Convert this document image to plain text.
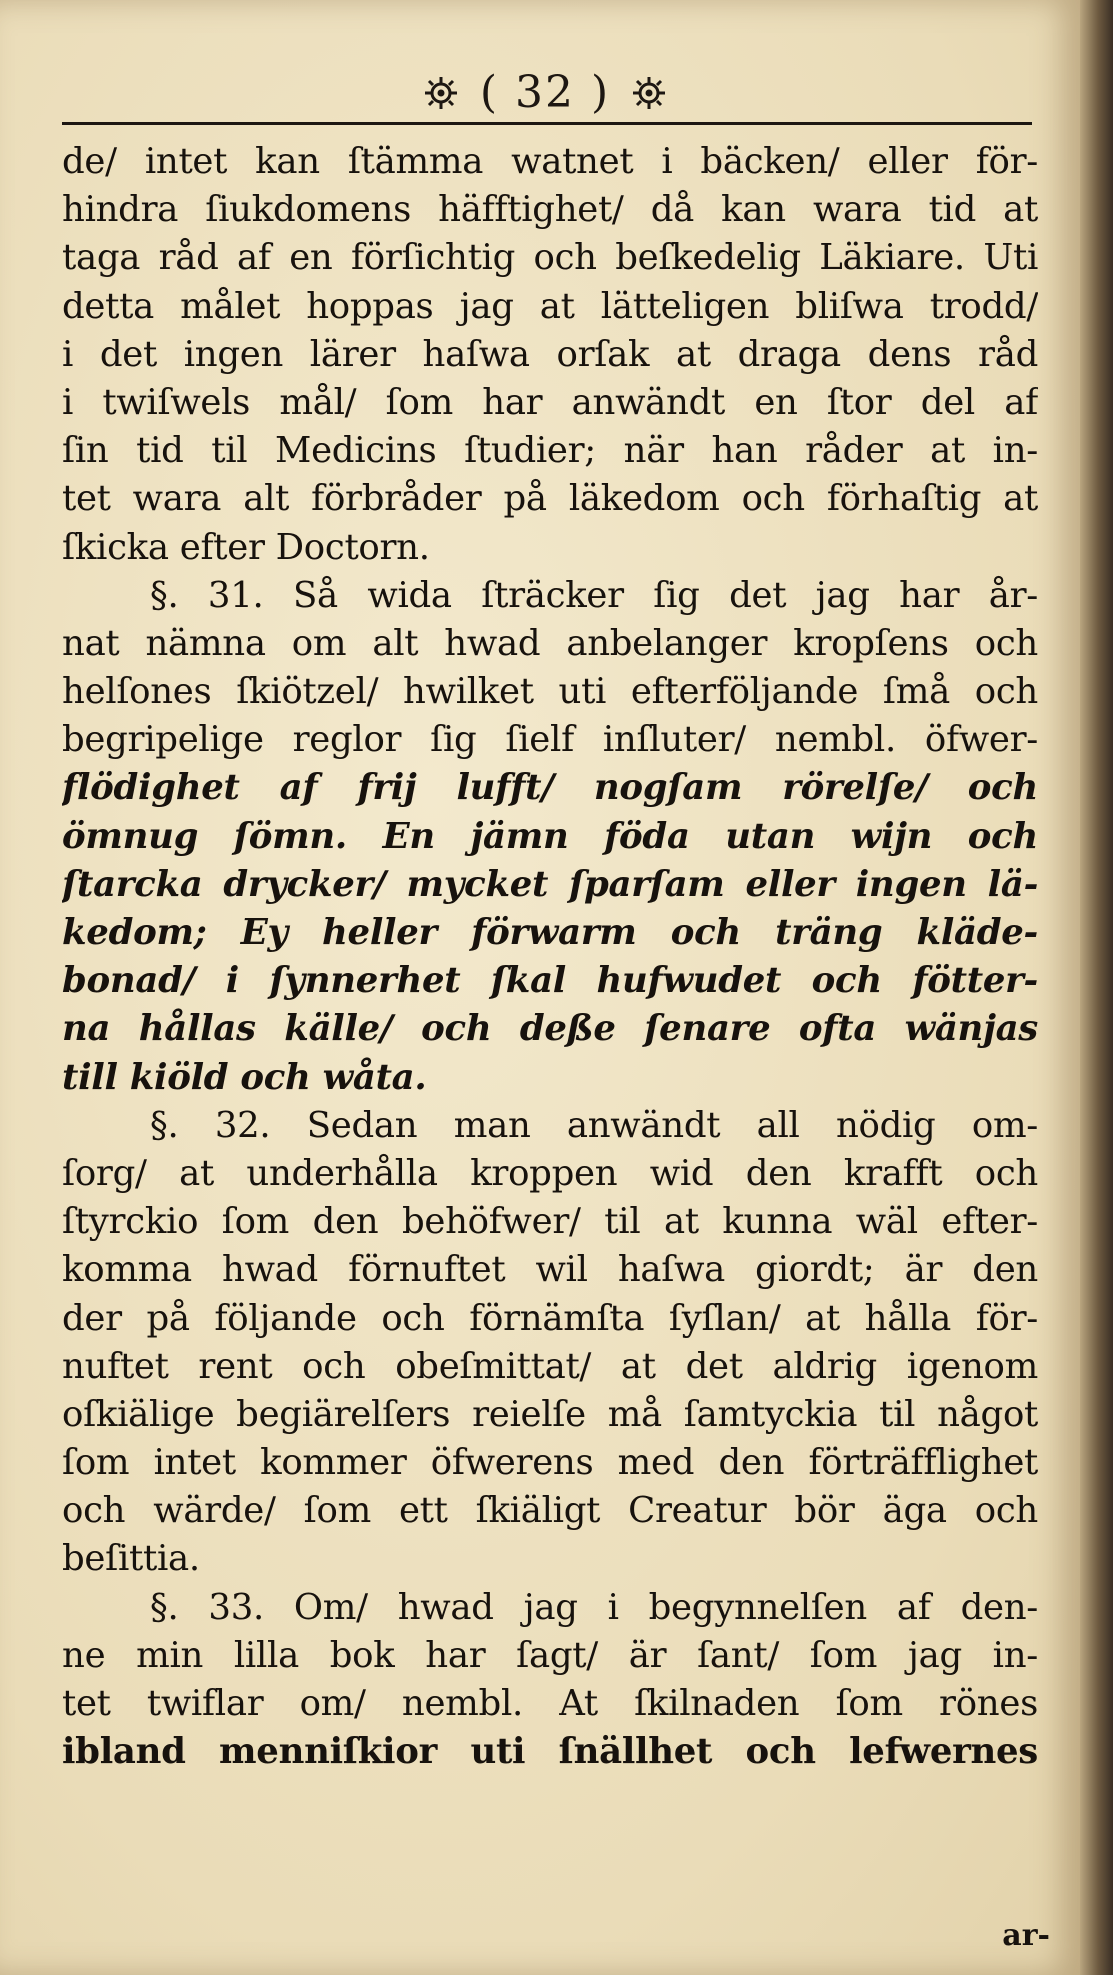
( 32 )
de/ intet kan ſtämma watnet i bäcken/ eller för-
hindra ſiukdomens häfftighet/ då kan wara tid at
taga råd af en förſichtig och beſkedelig Läkiare. Uti
detta målet hoppas jag at lätteligen bliſwa trodd/
i det ingen lärer haſwa orſak at draga dens råd
i twiſwels mål/ ſom har anwändt en ſtor del af
ſin tid til Medicins ſtudier; när han råder at in-
tet wara alt förbråder på läkedom och förhaſtig at
ſkicka efter Doctorn.
§. 31. Så wida ſträcker ſig det jag har år-
nat nämna om alt hwad anbelanger kropſens och
helſones ſkiötzel/ hwilket uti efterföljande ſmå och
begripelige reglor ſig ſielf inſluter/ nembl. öfwer-
flödighet af frij lufft/ nogſam rörelſe/ och
ömnug ſömn. En jämn föda utan wijn och
ſtarcka drycker/ mycket ſparſam eller ingen lä-
kedom; Ey heller förwarm och träng kläde-
bonad/ i ſynnerhet ſkal hufwudet och fötter-
na hållas källe/ och deße ſenare ofta wänjas
till kiöld och wåta.
§. 32. Sedan man anwändt all nödig om-
ſorg/ at underhålla kroppen wid den krafft och
ſtyrckio ſom den behöfwer/ til at kunna wäl efter-
komma hwad förnuftet wil haſwa giordt; är den
der på följande och förnämſta ſyſlan/ at hålla för-
nuftet rent och obeſmittat/ at det aldrig igenom
oſkiälige begiärelſers reielſe må ſamtyckia til något
ſom intet kommer öfwerens med den förträfflighet
och wärde/ ſom ett ſkiäligt Creatur bör äga och
beſittia.
§. 33. Om/ hwad jag i begynnelſen af den-
ne min lilla bok har ſagt/ är ſant/ ſom jag in-
tet twiflar om/ nembl. At ſkilnaden ſom rönes
ibland menniſkior uti ſnällhet och lefwernes
ar-
